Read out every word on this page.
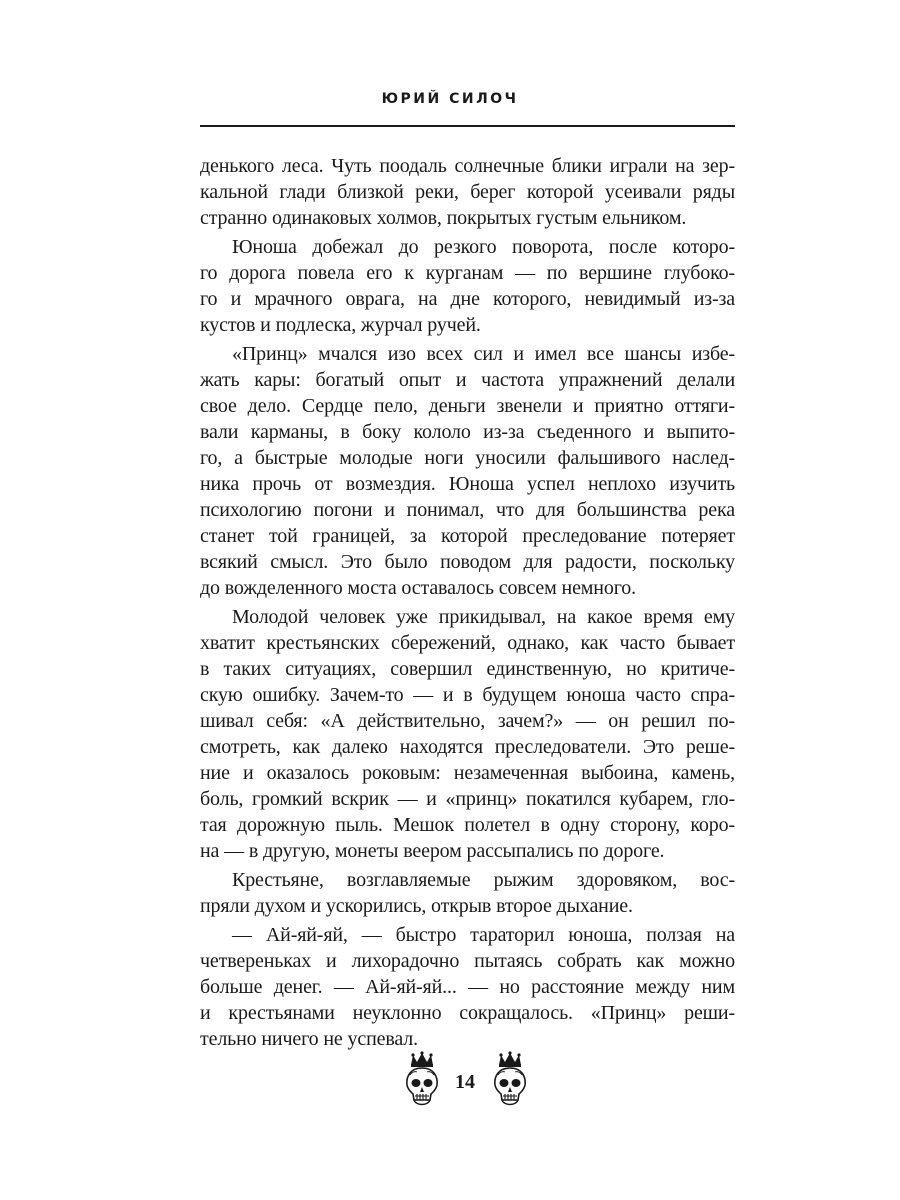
ЮРИЙ СИЛОЧ
денького леса. Чуть поодаль солнечные блики играли на зер-
кальной глади близкой реки, берег которой усеивали ряды
странно одинаковых холмов, покрытых густым ельником.
Юноша добежал до резкого поворота, после которо-
го дорога повела его к курганам — по вершине глубоко-
го и мрачного оврага, на дне которого, невидимый из-за
кустов и подлеска, журчал ручей.
«Принц» мчался изо всех сил и имел все шансы избе-
жать кары: богатый опыт и частота упражнений делали
свое дело. Сердце пело, деньги звенели и приятно оттяги-
вали карманы, в боку кололо из-за съеденного и выпито-
го, а быстрые молодые ноги уносили фальшивого наслед-
ника прочь от возмездия. Юноша успел неплохо изучить
психологию погони и понимал, что для большинства река
станет той границей, за которой преследование потеряет
всякий смысл. Это было поводом для радости, поскольку
до вожделенного моста оставалось совсем немного.
Молодой человек уже прикидывал, на какое время ему
хватит крестьянских сбережений, однако, как часто бывает
в таких ситуациях, совершил единственную, но критиче-
скую ошибку. Зачем-то — и в будущем юноша часто спра-
шивал себя: «А действительно, зачем?» — он решил по-
смотреть, как далеко находятся преследователи. Это реше-
ние и оказалось роковым: незамеченная выбоина, камень,
боль, громкий вскрик — и «принц» покатился кубарем, гло-
тая дорожную пыль. Мешок полетел в одну сторону, коро-
на — в другую, монеты веером рассыпались по дороге.
Крестьяне, возглавляемые рыжим здоровяком, вос-
пряли духом и ускорились, открыв второе дыхание.
— Ай-яй-яй, — быстро тараторил юноша, ползая на
четвереньках и лихорадочно пытаясь собрать как можно
больше денег. — Ай-яй-яй... — но расстояние между ним
и крестьянами неуклонно сокращалось. «Принц» реши-
тельно ничего не успевал.
14
